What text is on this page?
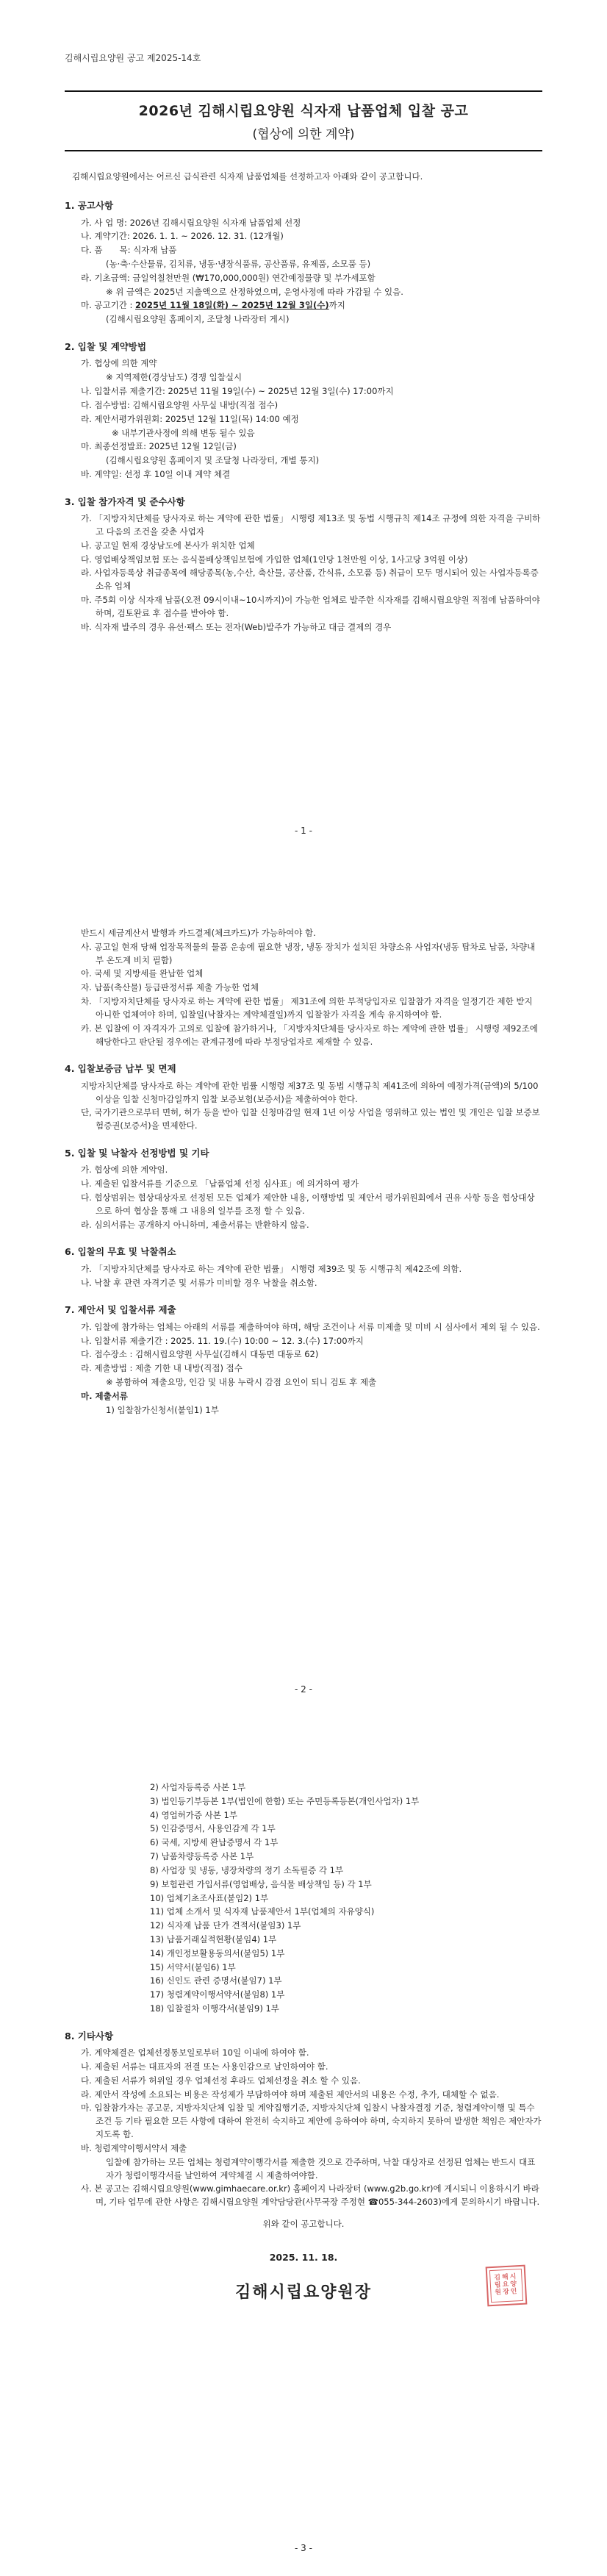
김해시립요양원 공고 제2025-14호
2026년 김해시립요양원 식자재 납품업체 입찰 공고
(협상에 의한 계약)
김해시립요양원에서는 어르신 급식관련 식자재 납품업체를 선정하고자 아래와 같이 공고합니다.
1. 공고사항
가. 사 업 명: 2026년 김해시립요양원 식자재 납품업체 선정
나. 계약기간: 2026. 1. 1. ~ 2026. 12. 31. (12개월)
다. 품　　목: 식자재 납품
(농·축·수산물류, 김치류, 냉동·냉장식품류, 공산품류, 유제품, 소모품 등)
라. 기초금액: 금일억칠천만원 (₩170,000,000원) 연간예정물량 및 부가세포함
※ 위 금액은 2025년 지출액으로 산정하였으며, 운영사정에 따라 가감될 수 있음.
마. 공고기간 : 2025년 11월 18일(화) ~ 2025년 12월 3일(수)까지
(김해시립요양원 홈페이지, 조달청 나라장터 게시)
2. 입찰 및 계약방법
가. 협상에 의한 계약
※ 지역제한(경상남도) 경쟁 입찰실시
나. 입찰서류 제출기간: 2025년 11월 19일(수) ~ 2025년 12월 3일(수) 17:00까지
다. 접수방법: 김해시립요양원 사무실 내방(직접 접수)
라. 제안서평가위원회: 2025년 12월 11일(목) 14:00 예정
※ 내부기관사정에 의해 변동 될수 있음
마. 최종선정발표: 2025년 12월 12일(금)
(김해시립요양원 홈페이지 및 조달청 나라장터, 개별 통지)
바. 계약일: 선정 후 10일 이내 계약 체결
3. 입찰 참가자격 및 준수사항
가. 「지방자치단체를 당사자로 하는 계약에 관한 법률」 시행령 제13조 및 동법 시행규칙 제14조 규정에 의한 자격을 구비하고 다음의 조건을 갖춘 사업자
나. 공고일 현재 경상남도에 본사가 위치한 업체
다. 영업배상책임보험 또는 음식물배상책임보험에 가입한 업체(1인당 1천만원 이상, 1사고당 3억원 이상)
라. 사업자등록상 취급종목에 해당종목(농,수산, 축산물, 공산품, 간식류, 소모품 등) 취급이 모두 명시되어 있는 사업자등록증 소유 업체
마. 주5회 이상 식자재 납품(오전 09시이내~10시까지)이 가능한 업체로 발주한 식자재를 김해시립요양원 직접에 납품하여야 하며, 검토완료 후 접수를 받아야 함.
바. 식자재 발주의 경우 유선·팩스 또는 전자(Web)발주가 가능하고 대금 결제의 경우
- 1 -
반드시 세금계산서 발행과 카드결제(체크카드)가 가능하여야 함.
사. 공고일 현재 당해 업장목적물의 물품 운송에 필요한 냉장, 냉동 장치가 설치된 차량소유 사업자(냉동 탑차로 납품, 차량내부 온도계 비치 필함)
아. 국세 및 지방세를 완납한 업체
자. 납품(축산물) 등급판정서류 제출 가능한 업체
차. 「지방자치단체를 당사자로 하는 계약에 관한 법률」 제31조에 의한 부적당입자로 입찰참가 자격을 일정기간 제한 받지 아니한 업체여야 하며, 입찰일(낙찰자는 계약체결일)까지 입찰참가 자격을 계속 유지하여야 함.
카. 본 입찰에 이 자격자가 고의로 입찰에 참가하거나, 「지방자치단체를 당사자로 하는 계약에 관한 법률」 시행령 제92조에 해당한다고 판단될 경우에는 관계규정에 따라 부정당업자로 제재할 수 있음.
4. 입찰보증금 납부 및 면제
지방자치단체를 당사자로 하는 계약에 관한 법률 시행령 제37조 및 동법 시행규칙 제41조에 의하여 예정가격(금액)의 5/100 이상을 입찰 신청마감일까지 입찰 보증보험(보증서)을 제출하여야 한다.
단, 국가기관으로부터 면허, 허가 등을 받아 입찰 신청마감일 현재 1년 이상 사업을 영위하고 있는 법인 및 개인은 입찰 보증보험증권(보증서)을 면제한다.
5. 입찰 및 낙찰자 선정방법 및 기타
가. 협상에 의한 계약임.
나. 제출된 입찰서류를 기준으로 「납품업체 선정 심사표」에 의거하여 평가
다. 협상범위는 협상대상자로 선정된 모든 업체가 제안한 내용, 이행방법 및 제안서 평가위원회에서 권유 사항 등을 협상대상으로 하여 협상을 통해 그 내용의 일부를 조정 할 수 있음.
라. 심의서류는 공개하지 아니하며, 제출서류는 반환하지 않음.
6. 입찰의 무효 및 낙찰취소
가. 「지방자치단체를 당사자로 하는 계약에 관한 법률」 시행령 제39조 및 동 시행규칙 제42조에 의함.
나. 낙찰 후 관련 자격기준 및 서류가 미비할 경우 낙찰을 취소함.
7. 제안서 및 입찰서류 제출
가. 입찰에 참가하는 업체는 아래의 서류를 제출하여야 하며, 해당 조건이나 서류 미제출 및 미비 시 심사에서 제외 될 수 있음.
나. 입찰서류 제출기간 : 2025. 11. 19.(수) 10:00 ~ 12. 3.(수) 17:00까지
다. 접수장소 : 김해시립요양원 사무실(김해시 대동면 대동로 62)
라. 제출방법 : 제출 기한 내 내방(직접) 접수
※ 봉함하여 제출요망, 인감 및 내용 누락시 감점 요인이 되니 검토 후 제출
마. 제출서류
1) 입찰참가신청서(붙임1) 1부
- 2 -
2) 사업자등록증 사본 1부
3) 법인등기부등본 1부(법인에 한함) 또는 주민등록등본(개인사업자) 1부
4) 영업허가증 사본 1부
5) 인감증명서, 사용인감계 각 1부
6) 국세, 지방세 완납증명서 각 1부
7) 납품차량등록증 사본 1부
8) 사업장 및 냉동, 냉장차량의 정기 소독필증 각 1부
9) 보험관련 가입서류(영업배상, 음식물 배상책임 등) 각 1부
10) 업체기초조사표(붙임2) 1부
11) 업체 소개서 및 식자재 납품제안서 1부(업체의 자유양식)
12) 식자재 납품 단가 견적서(붙임3) 1부
13) 납품거래실적현황(붙임4) 1부
14) 개인정보활용동의서(붙임5) 1부
15) 서약서(붙임6) 1부
16) 신인도 관련 증명서(붙임7) 1부
17) 청렴계약이행서약서(붙임8) 1부
18) 입찰절차 이행각서(붙임9) 1부
8. 기타사항
가. 계약체결은 업체선정통보일로부터 10일 이내에 하여야 함.
나. 제출된 서류는 대표자의 전결 또는 사용인감으로 날인하여야 함.
다. 제출된 서류가 허위일 경우 업체선정 후라도 업체선정을 취소 할 수 있음.
라. 제안서 작성에 소요되는 비용은 작성제가 부담하여야 하며 제출된 제안서의 내용은 수정, 추가, 대체할 수 없음.
마. 입찰참가자는 공고문, 지방자치단체 입찰 및 계약집행기준, 지방자치단체 입찰시 낙찰자결정 기준, 청렴계약이행 및 특수조건 등 기타 필요한 모든 사항에 대하여 완전히 숙지하고 제안에 응하여야 하며, 숙지하지 못하여 발생한 책임은 제안자가 지도록 함.
바. 청렴계약이행서약서 제출
입찰에 참가하는 모든 업체는 청렴계약이행각서를 제출한 것으로 간주하며, 낙찰 대상자로 선정된 업체는 반드시 대표자가 청렴이행각서를 날인하여 계약체결 시 제출하여야함.
사. 본 공고는 김해시립요양원(www.gimhaecare.or.kr) 홈페이지 나라장터 (www.g2b.go.kr)에 게시되니 이용하시기 바라며, 기타 업무에 관한 사항은 김해시립요양원 계약담당관(사무국장 주정현 ☎055-344-2603)에게 문의하시기 바랍니다.
위와 같이 공고합니다.
2025. 11. 18.
김해시립요양원장
김해시립요양원장인
- 3 -
